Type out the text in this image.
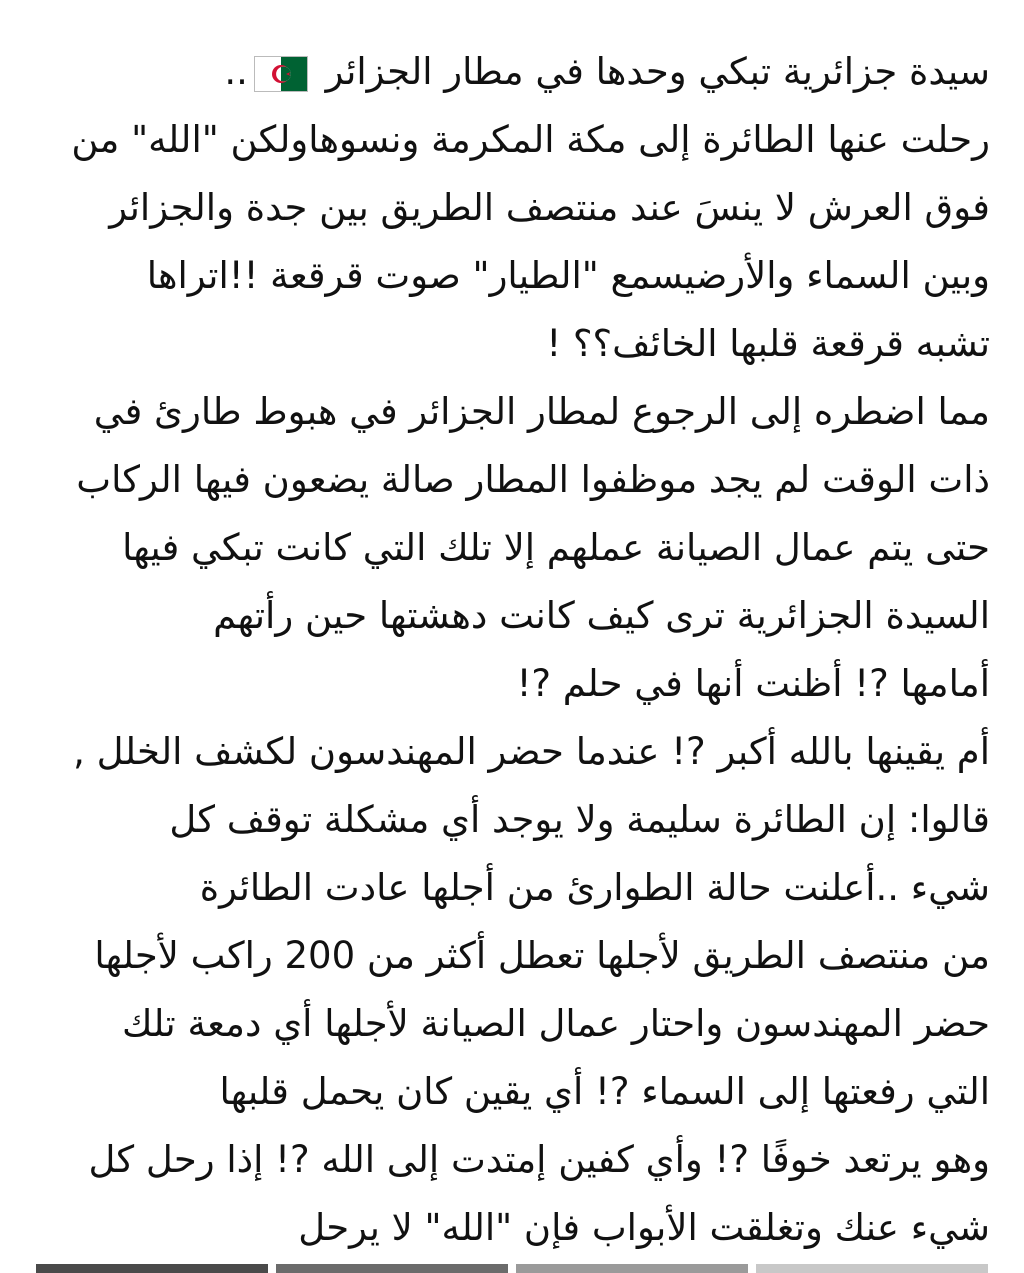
سيدة جزائرية تبكي وحدها في مطار الجزائر
..
رحلت عنها الطائرة إلى مكة المكرمة ونسوهاولكن "الله" من
فوق العرش لا ينسَ عند منتصف الطريق بين جدة والجزائر
وبين السماء والأرضيسمع "الطيار" صوت قرقعة !!اتراها
تشبه قرقعة قلبها الخائف؟؟ !
مما اضطره إلى الرجوع لمطار الجزائر في هبوط طارئ في
ذات الوقت لم يجد موظفوا المطار صالة يضعون فيها الركاب
حتى يتم عمال الصيانة عملهم إلا تلك التي كانت تبكي فيها
السيدة الجزائرية ترى كيف كانت دهشتها حين رأتهم
أمامها ?! أظنت أنها في حلم ?!
أم يقينها بالله أكبر ?! عندما حضر المهندسون لكشف الخلل ,
قالوا: إن الطائرة سليمة ولا يوجد أي مشكلة توقف كل
شيء ..أعلنت حالة الطوارئ من أجلها عادت الطائرة
من منتصف الطريق لأجلها تعطل أكثر من 200 راكب لأجلها
حضر المهندسون واحتار عمال الصيانة لأجلها أي دمعة تلك
التي رفعتها إلى السماء ?! أي يقين كان يحمل قلبها
وهو يرتعد خوفًا ?! وأي كفين إمتدت إلى الله ?! إذا رحل كل
شيء عنك وتغلقت الأبواب فإن "الله" لا يرحل
